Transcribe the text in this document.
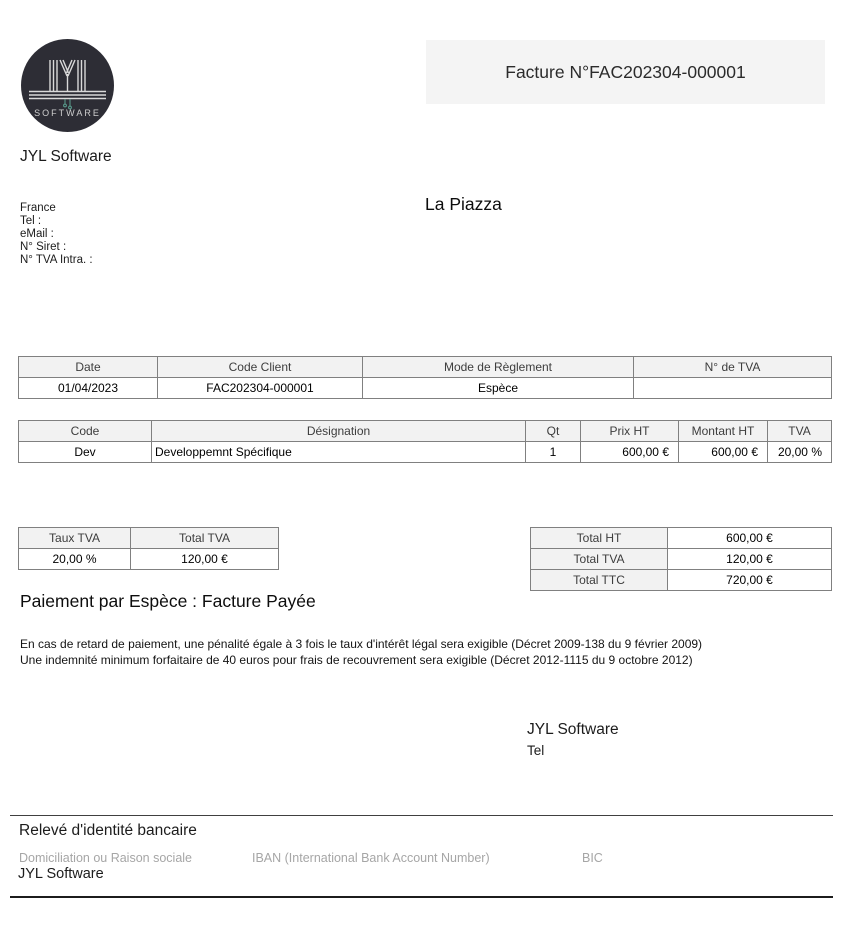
SOFTWARE
JYL Software
Facture N°FAC202304-000001
France
Tel :
eMail :
N° Siret :
N° TVA Intra. :
La Piazza
Date	Code Client	Mode de Règlement	N° de TVA
01/04/2023	FAC202304-000001	Espèce	
Code	Désignation	Qt	Prix HT	Montant HT	TVA
Dev	Developpemnt Spécifique	1	600,00 €	600,00 €	20,00 %
Taux TVA	Total TVA
20,00 %	120,00 €
Total HT	600,00 €
Total TVA	120,00 €
Total TTC	720,00 €
Paiement par Espèce : Facture Payée
En cas de retard de paiement, une pénalité égale à 3 fois le taux d'intérêt légal sera exigible (Décret 2009-138 du 9 février 2009)
Une indemnité minimum forfaitaire de 40 euros pour frais de recouvrement sera exigible (Décret 2012-1115 du 9 octobre 2012)
JYL Software
Tel
Relevé d'identité bancaire
Domiciliation ou Raison sociale	IBAN (International Bank Account Number)	BIC
JYL Software
